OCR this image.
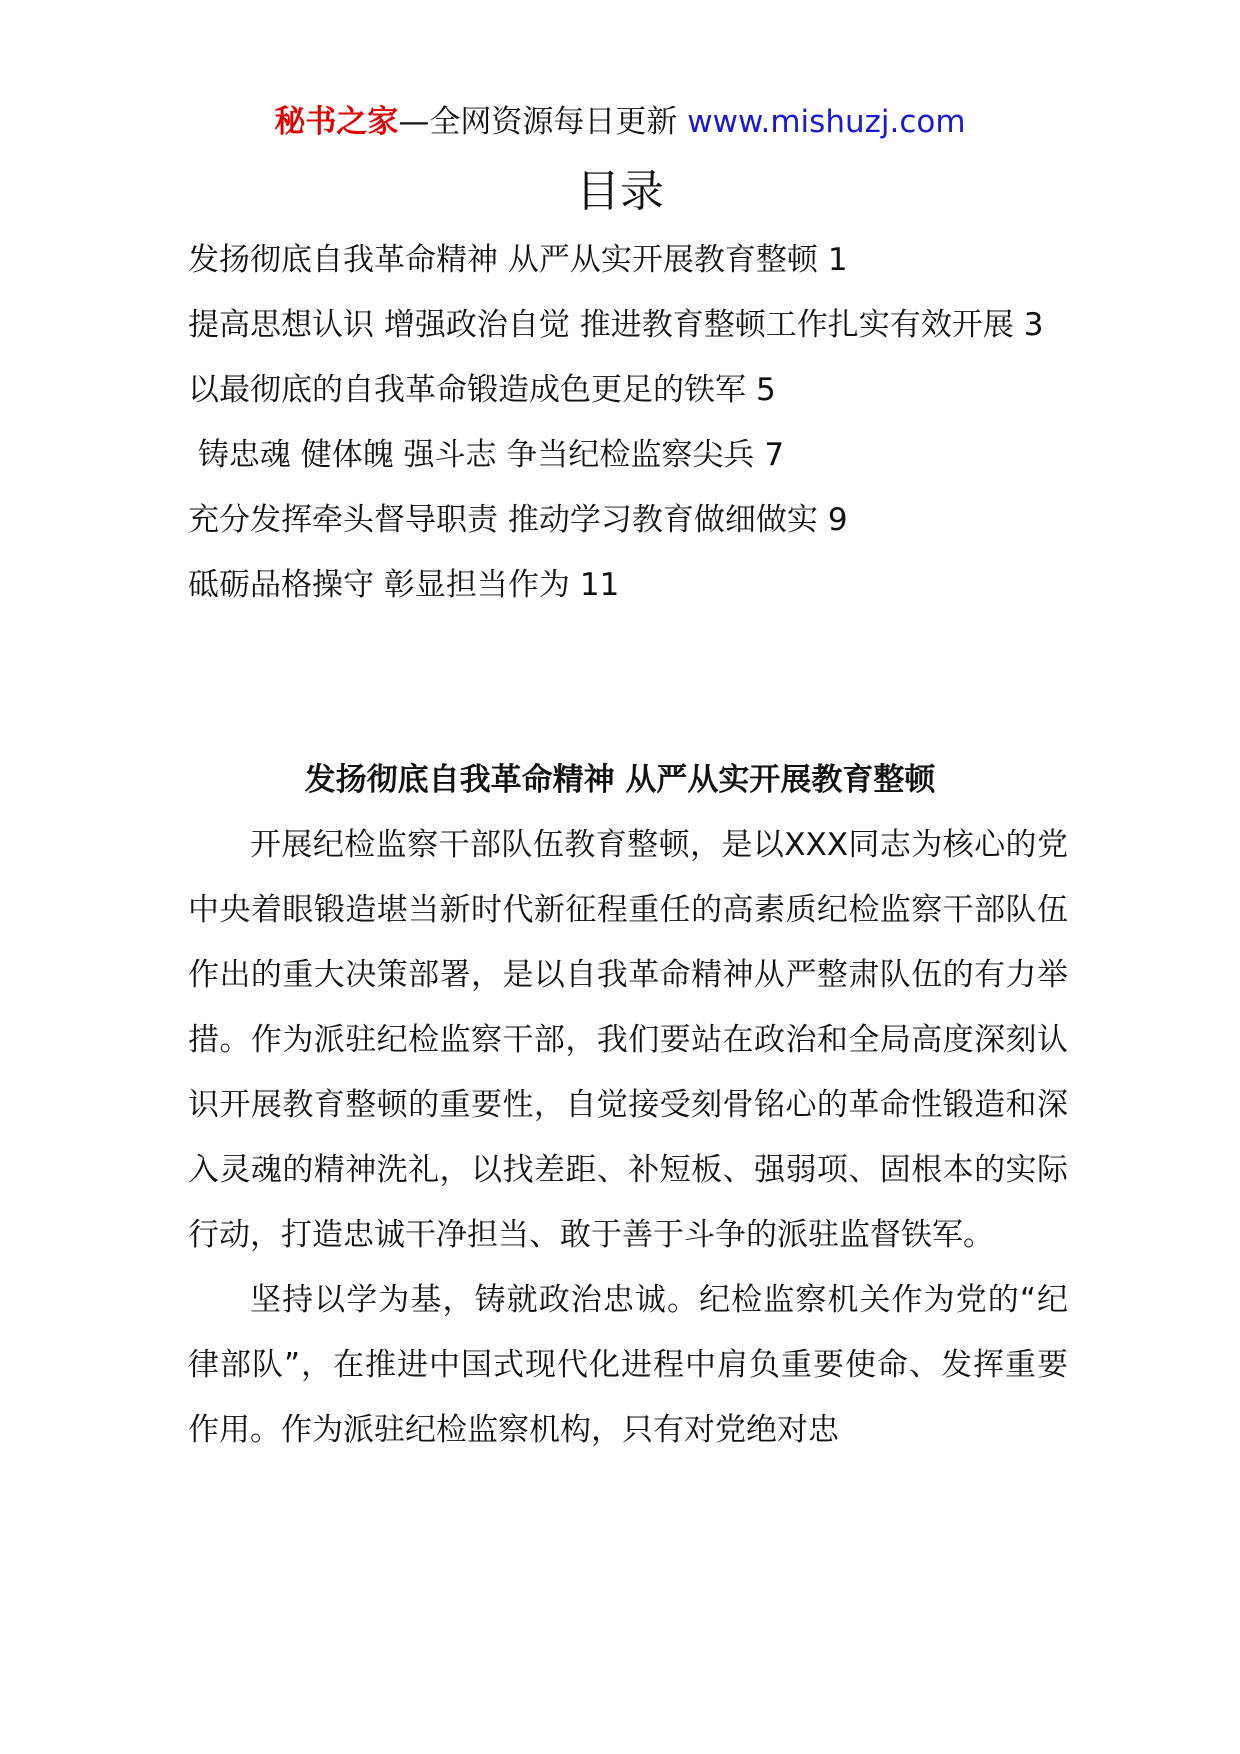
秘书之家—全网资源每日更新 www.mishuzj.com
目录

发扬彻底自我革命精神 从严从实开展教育整顿 1

提高思想认识 增强政治自觉 推进教育整顿工作扎实有效开展 3

以最彻底的自我革命锻造成色更足的铁军 5

铸忠魂 健体魄 强斗志 争当纪检监察尖兵 7

充分发挥牵头督导职责 推动学习教育做细做实 9

砥砺品格操守 彰显担当作为 11

发扬彻底自我革命精神 从严从实开展教育整顿

开展纪检监察干部队伍教育整顿，是以XXX同志为核心的党中央着眼锻造堪当新时代新征程重任的高素质纪检监察干部队伍作出的重大决策部署，是以自我革命精神从严整肃队伍的有力举措。作为派驻纪检监察干部，我们要站在政治和全局高度深刻认识开展教育整顿的重要性，自觉接受刻骨铭心的革命性锻造和深入灵魂的精神洗礼，以找差距、补短板、强弱项、固根本的实际行动，打造忠诚干净担当、敢于善于斗争的派驻监督铁军。

坚持以学为基，铸就政治忠诚。纪检监察机关作为党的“纪律部队”，在推进中国式现代化进程中肩负重要使命、发挥重要作用。作为派驻纪检监察机构，只有对党绝对忠
